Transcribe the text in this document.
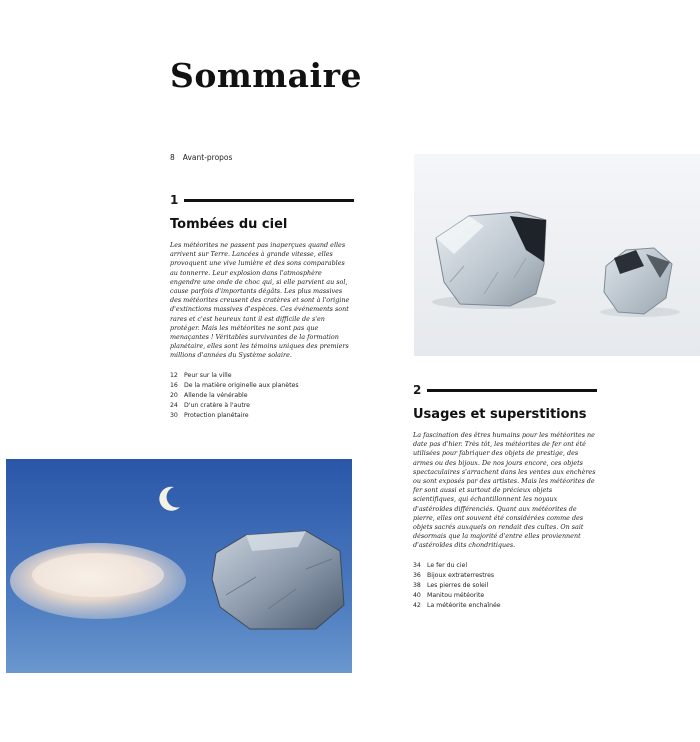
Sommaire
8 Avant-propos
1
Tombées du ciel
Les météorites ne passent pas inaperçues quand elles arrivent sur Terre. Lancées à grande vitesse, elles provoquent une vive lumière et des sons comparables au tonnerre. Leur explosion dans l'atmosphère engendre une onde de choc qui, si elle parvient au sol, cause parfois d'importants dégâts. Les plus massives des météorites creusent des cratères et sont à l'origine d'extinctions massives d'espèces. Ces événements sont rares et c'est heureux tant il est difficile de s'en protéger. Mais les météorites ne sont pas que menaçantes ! Véritables survivantes de la formation planétaire, elles sont les témoins uniques des premiers millions d'années du Système solaire.
12 Peur sur la ville
16 De la matière originelle aux planètes
20 Allende la vénérable
24 D'un cratère à l'autre
30 Protection planétaire
2
Usages et superstitions
La fascination des êtres humains pour les météorites ne date pas d'hier. Très tôt, les météorites de fer ont été utilisées pour fabriquer des objets de prestige, des armes ou des bijoux. De nos jours encore, ces objets spectaculaires s'arrachent dans les ventes aux enchères ou sont exposés par des artistes. Mais les météorites de fer sont aussi et surtout de précieux objets scientifiques, qui échantillonnent les noyaux d'astéroïdes différenciés. Quant aux météorites de pierre, elles ont souvent été considérées comme des objets sacrés auxquels on rendait des cultes. On sait désormais que la majorité d'entre elles proviennent d'astéroïdes dits chondritiques.
34 Le fer du ciel
36 Bijoux extraterrestres
38 Les pierres de soleil
40 Manitou météorite
42 La météorite enchaînée
